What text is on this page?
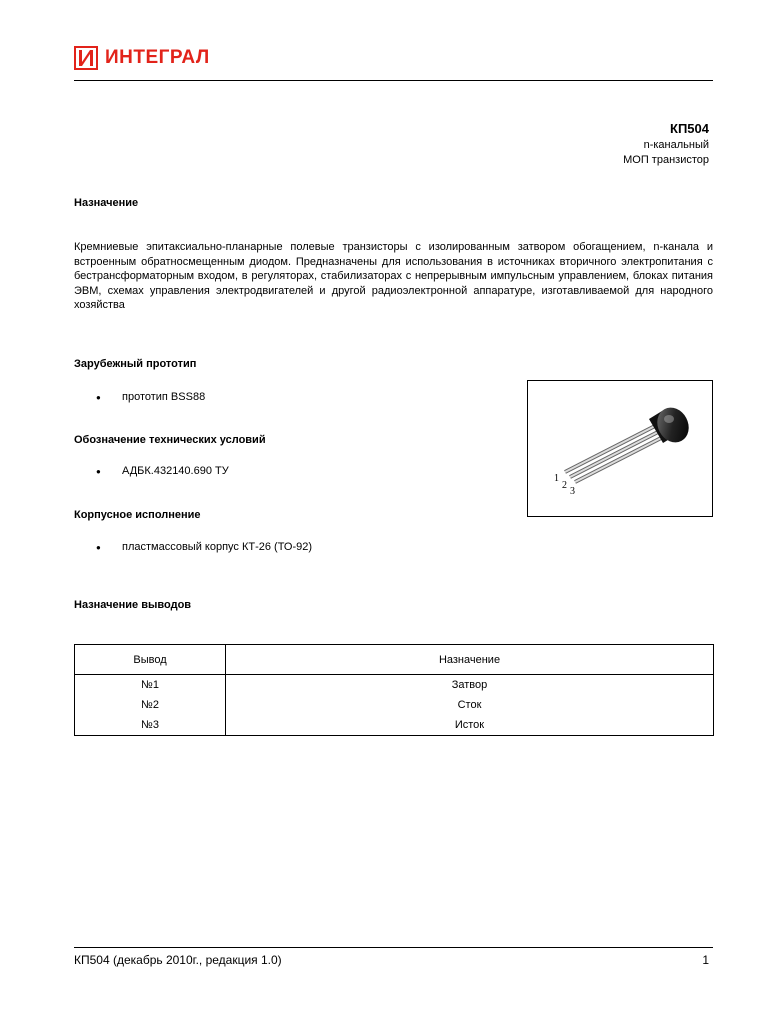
ИНТЕГРАЛ
КП504
n-канальный
МОП транзистор
Назначение

Кремниевые эпитаксиально-планарные полевые транзисторы с изолированным затвором обогащением, n-канала и встроенным обратносмещенным диодом. Предназначены для использования в источниках вторичного электропитания с бестрансформаторным входом, в регуляторах, стабилизаторах с непрерывным импульсным управлением, блоках питания ЭВМ, схемах управления электродвигателей и другой радиоэлектронной аппаратуре, изготавливаемой для народного хозяйства

Зарубежный прототип
●	прототип BSS88
Обозначение технических условий
●	АДБК.432140.690 ТУ
Корпусное исполнение
●	пластмассовый корпус КТ-26 (ТО-92)
1
2
3
Назначение выводов
Вывод	Назначение
№1	Затвор
№2	Сток
№3	Исток
КП504 (декабрь 2010г., редакция 1.0)	1
